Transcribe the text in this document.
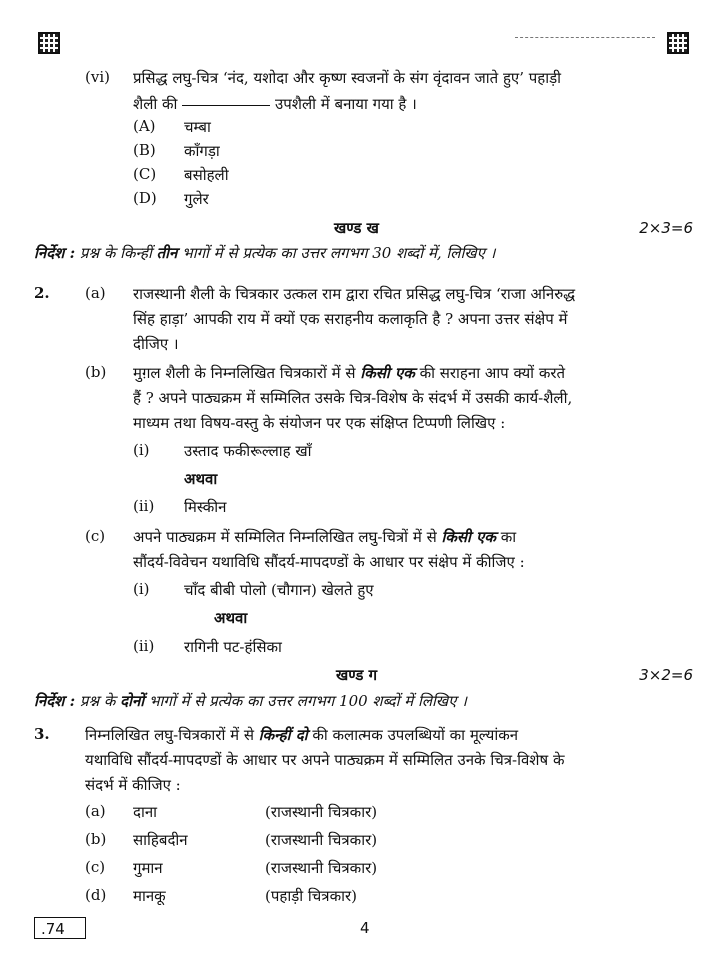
(vi) प्रसिद्ध लघु-चित्र ‘नंद, यशोदा और कृष्ण स्वजनों के संग वृंदावन जाते हुए’ पहाड़ी
शैली की	उपशैली में बनाया गया है ।
(A) चम्बा
(B) काँगड़ा
(C) बसोहली
(D) गुलेर
खण्ड ख	2×3=6
निर्देश : प्रश्न के किन्हीं तीन भागों में से प्रत्येक का उत्तर लगभग 30 शब्दों में, लिखिए ।
2. (a) राजस्थानी शैली के चित्रकार उत्कल राम द्वारा रचित प्रसिद्ध लघु-चित्र ‘राजा अनिरुद्ध
सिंह हाड़ा’ आपकी राय में क्यों एक सराहनीय कलाकृति है ? अपना उत्तर संक्षेप में
दीजिए ।
(b) मुग़ल शैली के निम्नलिखित चित्रकारों में से किसी एक की सराहना आप क्यों करते
हैं ? अपने पाठ्यक्रम में सम्मिलित उसके चित्र-विशेष के संदर्भ में उसकी कार्य-शैली,
माध्यम तथा विषय-वस्तु के संयोजन पर एक संक्षिप्त टिप्पणी लिखिए :
(i) उस्ताद फकीरूल्लाह खाँ
अथवा
(ii) मिस्कीन
(c) अपने पाठ्यक्रम में सम्मिलित निम्नलिखित लघु-चित्रों में से किसी एक का
सौंदर्य-विवेचन यथाविधि सौंदर्य-मापदण्डों के आधार पर संक्षेप में कीजिए :
(i) चाँद बीबी पोलो (चौगान) खेलते हुए
अथवा
(ii) रागिनी पट-हंसिका
खण्ड ग	3×2=6
निर्देश : प्रश्न के दोनों भागों में से प्रत्येक का उत्तर लगभग 100 शब्दों में लिखिए ।
3. निम्नलिखित लघु-चित्रकारों में से किन्हीं दो की कलात्मक उपलब्धियों का मूल्यांकन
यथाविधि सौंदर्य-मापदण्डों के आधार पर अपने पाठ्यक्रम में सम्मिलित उनके चित्र-विशेष के
संदर्भ में कीजिए :
(a) दाना	(राजस्थानी चित्रकार)
(b) साहिबदीन	(राजस्थानी चित्रकार)
(c) गुमान	(राजस्थानी चित्रकार)
(d) मानकू	(पहाड़ी चित्रकार)
.74	4
